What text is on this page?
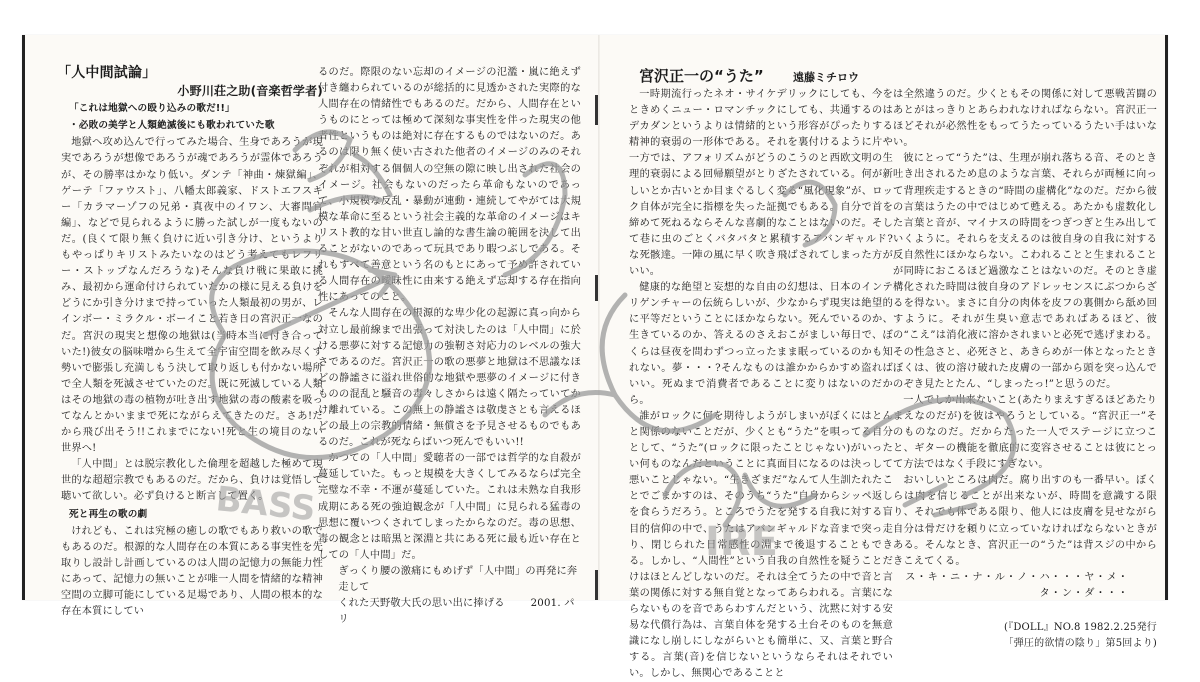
「人中間試論」
小野川荘之助(音楽哲学者)
「これは地獄への殴り込みの歌だ!!」
・必敗の美学と人類絶滅後にも歌われていた歌

地獄へ攻め込んで行ってみた場合、生身であろうが現実であろうが想像であろうが魂であろうが霊体であろうが、その勝率はかなり低い。ダンテ「神曲・煉獄編」、ゲーテ「ファウスト」、八幡太郎義家、ドストエフスキー「カラマーゾフの兄弟・真夜中のイワン、大審問官編」、などで見られるように勝った試しが一度もないのだ。(良くて限り無く負けに近い引き分け、というよりもやっぱりキリストみたいなのはどう考えてもレフリー・ストップなんだろうな)そんな負け戦に果敢に挑み、最初から運命付けられていたかの様に見える負けをどうにか引き分けまで持っていった人類最初の男が、レインボー・ミラクル・ボーイこと若き日の宮沢正一なのだ。宮沢の現実と想像の地獄は(当時本当に付き合っていた!)彼女の脳味噌から生えて全宇宙空間を飲み尽くす勢いで膨張し充満しもう決して取り返しも付かない場所で全人類を死滅させていたのだ。既に死滅している人類はその地獄の毒の植物が吐き出す地獄の毒の酸素を吸ってなんとかいままで死にながらえてきたのだ。さあ!だから飛び出そう!!これまでにない!死と生の境目のない世界へ!

「人中間」とは脱宗教化した倫理を超越した極めて現世的な超超宗教でもあるのだ。だから、負けは覚悟して聴いて欲しい。必ず負けると断言して置く。

死と再生の歌の劇

けれども、これは究極の癒しの歌でもあり救いの歌でもあるのだ。根源的な人間存在の本質にある事実性を先取りし設計し計画しているのは人間の記憶力の無能力性にあって、記憶力の無いことが唯一人間を情緒的な精神空間の立脚可能にしている足場であり、人間の根本的な存在本質にしてい

るのだ。際限のない忘却のイメージの氾濫・嵐に絶えず付き纏わられているのが総括的に見透かされた実際的な人間存在の情緒性でもあるのだ。だから、人間存在というものにとっては極めて深刻な事実性を伴った現実の他者性というものは絶対に存在するものではないのだ。あるのは限り無く使い古された他者のイメージのみのそれぞれが相対する個個人の空無の隙に映し出された社会のイメージ。社会もないのだったら革命もないのであって、小規模な反乱・暴動が連動・連続してやがては大規模な革命に至るという社会主義的な革命のイメージはキリスト教的な甘い世直し論的な書生論の範囲を決して出ることがないのであって玩具であり暇つぶしである。それもすべて善意という名のもとにあって予め許されている人間存在の曖昧性に由来する絶えず忘却する存在指向性にあってのこと。

そんな人間存在の根源的な卑少化の起源に真っ向から対立し最前線まで出張って対決したのは「人中間」に於ける悪夢に対する記憶力の強靭さ対応力のレベルの強大さであるのだ。宮沢正一の歌の悪夢と地獄は不思議なほどの静謐さに溢れ世俗的な地獄や悪夢のイメージに付きものの混乱と騒音の毒々しさからは遠く隔たっていてかけ離れている。この無上の静謐さは敬虔さとも言えるほどの最上の宗教的情緒・無償さを予見させるものでもあるのだ。これが死ならばいつ死んでもいい!!

かつての「人中間」愛聴者の一部では哲学的な自殺が蔓延していた。もっと規模を大きくしてみるならば完全完璧な不幸・不運が蔓延していた。これは未熟な自我形成期にある死の強迫観念が「人中間」に見られる猛毒の思想に覆いつくされてしまったからなのだ。毒の思想、毒の観念とは暗黒と深淵と共にある死に最も近い存在としての「人中間」だ。

ぎっくり腰の激痛にもめげず「人中間」の再発に奔走して
くれた天野敬大氏の思い出に捧げる	2001. パリ
宮沢正一の“うた”	遠藤ミチロウ

一時期流行ったネオ・サイケデリックにしても、今をときめくニュー・ロマンチックにしても、共通するのはデカダンというよりは情緒的という形容がぴったりする精神的衰弱の一形体である。それを裏付けるように片や一方では、アフォリズムがどうのこうのと西欧文明の生理的衰弱による回帰願望がとりざたされている。何が新しいとか古いとか目まぐるしく変る“風化現象”が、ロック自体が完全に指標を失った証拠でもある。自分で首を締めて死ねるならそんな喜劇的なことはないのだ。そして巷に虫のごとくバタバタと累積するアバンギャルド?な死骸達。一陣の風に早く吹き飛ばされてしまった方がいい。

健康的な絶望と妄想的な自由の幻想は、日本のインテリゲンチャーの伝統らしいが、少なからず現実は絶望的に平等だということにほかならない。死んでいるのか、生きているのか、答えるのさえおこがましい毎日で、ぼくらは昼夜を問わずつっ立ったまま眠っているのかも知れない。夢・・・?そんなものは誰かからかすめ盗ればいい。死ぬまで消費者であることに変りはないのだから。

誰がロックに何を期待しようがしまいがぼくにはとんと関係のないことだが、少くとも“うた”を唄ってる自分として、“うた”(ロックに限ったことじゃない)がいったい何ものなんだということに真面目になるのは決っして悪いことじゃない。“生きざまだ”なんて人生訓たれたことでごまかすのは、そのうち“うた”自身からシッペ返しを食らうだろう。ところでうたを発する自我に対する盲目的信仰の中で、うたはアバンギャルドな音まで突っ走り、閉じられた日常感性の淵まで後退することもできる。しかし、“人間性”という自我の自然性を疑うことだけはほとんどしないのだ。それは全てうたの中で音と言葉の関係に対する無自覚となってあらわれる。言葉にならないものを音であらわすんだという、沈黙に対する安易な代償行為は、言葉自体を発する土台そのものを無意識になし崩しにしながらいとも簡単に、又、言葉と野合する。言葉(音)を信じないというならそれはそれでいい。しかし、無関心であることと

は全然違うのだ。少くともその関係に対して悪戦苦闘のあとがはっきりとあらわれなければならない。宮沢正一ほどそれが必然性をもってうたっているうたい手はいない。

彼にとって“うた”は、生理が崩れ落ちる音、そのとき吐き出されるため息のような言葉、それらが両極に向って背理疾走するときの“時間の虚構化”なのだ。だから彼の言葉はうたの中ではじめて甦える。あたかも虚数化した言葉と音が、マイナスの時間をつぎつぎと生み出していくように。それらを支えるのは彼自身の自我に対する反自然性にほかならない。こわれることと生まれることが同時におこるほど過激なことはないのだ。そのとき虚構化された時間は彼自身のアドレッセンスにぶつからざるを得ない。まさに自分の肉体を皮フの裏側から舐め回すように。それが生臭い意志であればあるほど、彼の“こえ”は消化液に溶かされまいと必死で逃げまわる。その性急さと、必死さと、あきらめが一体となったときぼくは、彼の溶け破れた皮膚の一部から頭を突っ込んでのぞき見たとたん、“しまったっ!”と思うのだ。

一人でしか出来ないこと(あたりまえすぎるほどあたりまえなのだが)を彼はやろうとしている。“宮沢正一”そのものなのだ。だからたった一人でステージに立つこと、ギターの機能を徹底的に変容させることは彼にとって方法ではなく手段にすぎない。

おいしいところは肉だ。腐り出すのも一番早い。ぼくらは肉を信じることが出来ないが、時間を意識する限り、それでも体である限り、他人には皮膚を見せながら自分は骨だけを頼りに立っていなければならないときがある。そんなとき、宮沢正一の“うた”は背スジの中からきこえてくる。

ス・キ・ニ・ナ・ル・ノ・ハ・・・ヤ・メ・タ・ン・ダ・・・
(『DOLL』NO.8 1982.2.25発行
「弾圧的欲情の陰り」第5回より)
BASS
IRE
